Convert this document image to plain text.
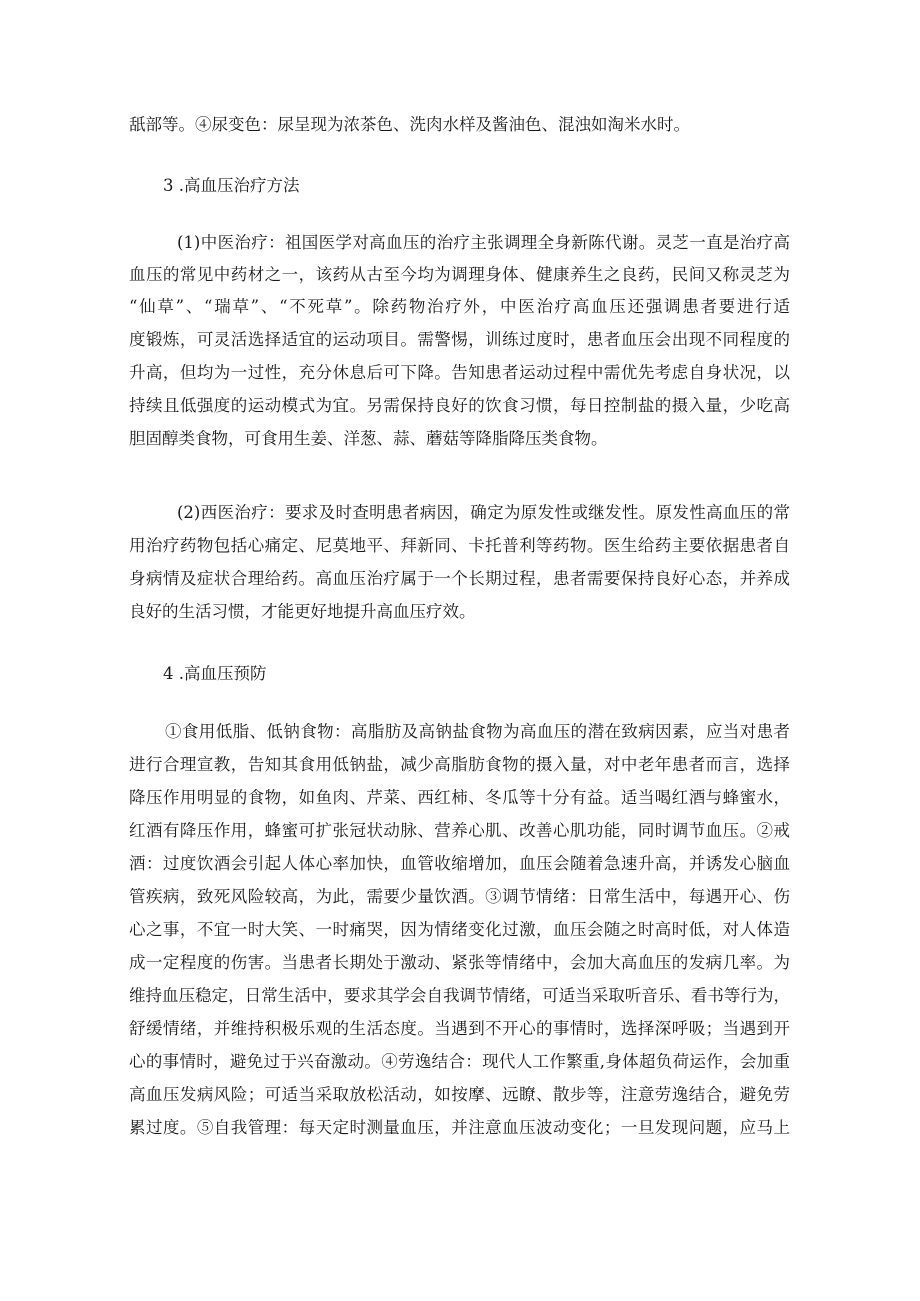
舐部等。④尿变色：尿呈现为浓茶色、洗肉水样及酱油色、混浊如淘米水时。

3 .高血压治疗方法

(1)中医治疗：祖国医学对高血压的治疗主张调理全身新陈代谢。灵芝一直是治疗高

血压的常见中药材之一，该药从古至今均为调理身体、健康养生之良药，民间又称灵芝为

“仙草”、“瑞草”、“不死草”。除药物治疗外，中医治疗高血压还强调患者要进行适

度锻炼，可灵活选择适宜的运动项目。需警惕，训练过度时，患者血压会出现不同程度的

升高，但均为一过性，充分休息后可下降。告知患者运动过程中需优先考虑自身状况，以

持续且低强度的运动模式为宜。另需保持良好的饮食习惯，每日控制盐的摄入量，少吃高

胆固醇类食物，可食用生姜、洋葱、蒜、蘑菇等降脂降压类食物。

(2)西医治疗：要求及时查明患者病因，确定为原发性或继发性。原发性高血压的常

用治疗药物包括心痛定、尼莫地平、拜新同、卡托普利等药物。医生给药主要依据患者自

身病情及症状合理给药。高血压治疗属于一个长期过程，患者需要保持良好心态，并养成

良好的生活习惯，才能更好地提升高血压疗效。

4 .高血压预防

①食用低脂、低钠食物：高脂肪及高钠盐食物为高血压的潜在致病因素，应当对患者

进行合理宣教，告知其食用低钠盐，减少高脂肪食物的摄入量，对中老年患者而言，选择

降压作用明显的食物，如鱼肉、芹菜、西红柿、冬瓜等十分有益。适当喝红酒与蜂蜜水，

红酒有降压作用，蜂蜜可扩张冠状动脉、营养心肌、改善心肌功能，同时调节血压。②戒

酒：过度饮酒会引起人体心率加快，血管收缩增加，血压会随着急速升高，并诱发心脑血

管疾病，致死风险较高，为此，需要少量饮酒。③调节情绪：日常生活中，每遇开心、伤

心之事，不宜一时大笑、一时痛哭，因为情绪变化过激，血压会随之时高时低，对人体造

成一定程度的伤害。当患者长期处于激动、紧张等情绪中，会加大高血压的发病几率。为

维持血压稳定，日常生活中，要求其学会自我调节情绪，可适当采取听音乐、看书等行为，

舒缓情绪，并维持积极乐观的生活态度。当遇到不开心的事情时，选择深呼吸；当遇到开

心的事情时，避免过于兴奋激动。④劳逸结合：现代人工作繁重,身体超负荷运作，会加重

高血压发病风险；可适当采取放松活动，如按摩、远瞭、散步等，注意劳逸结合，避免劳

累过度。⑤自我管理：每天定时测量血压，并注意血压波动变化；一旦发现问题，应马上
